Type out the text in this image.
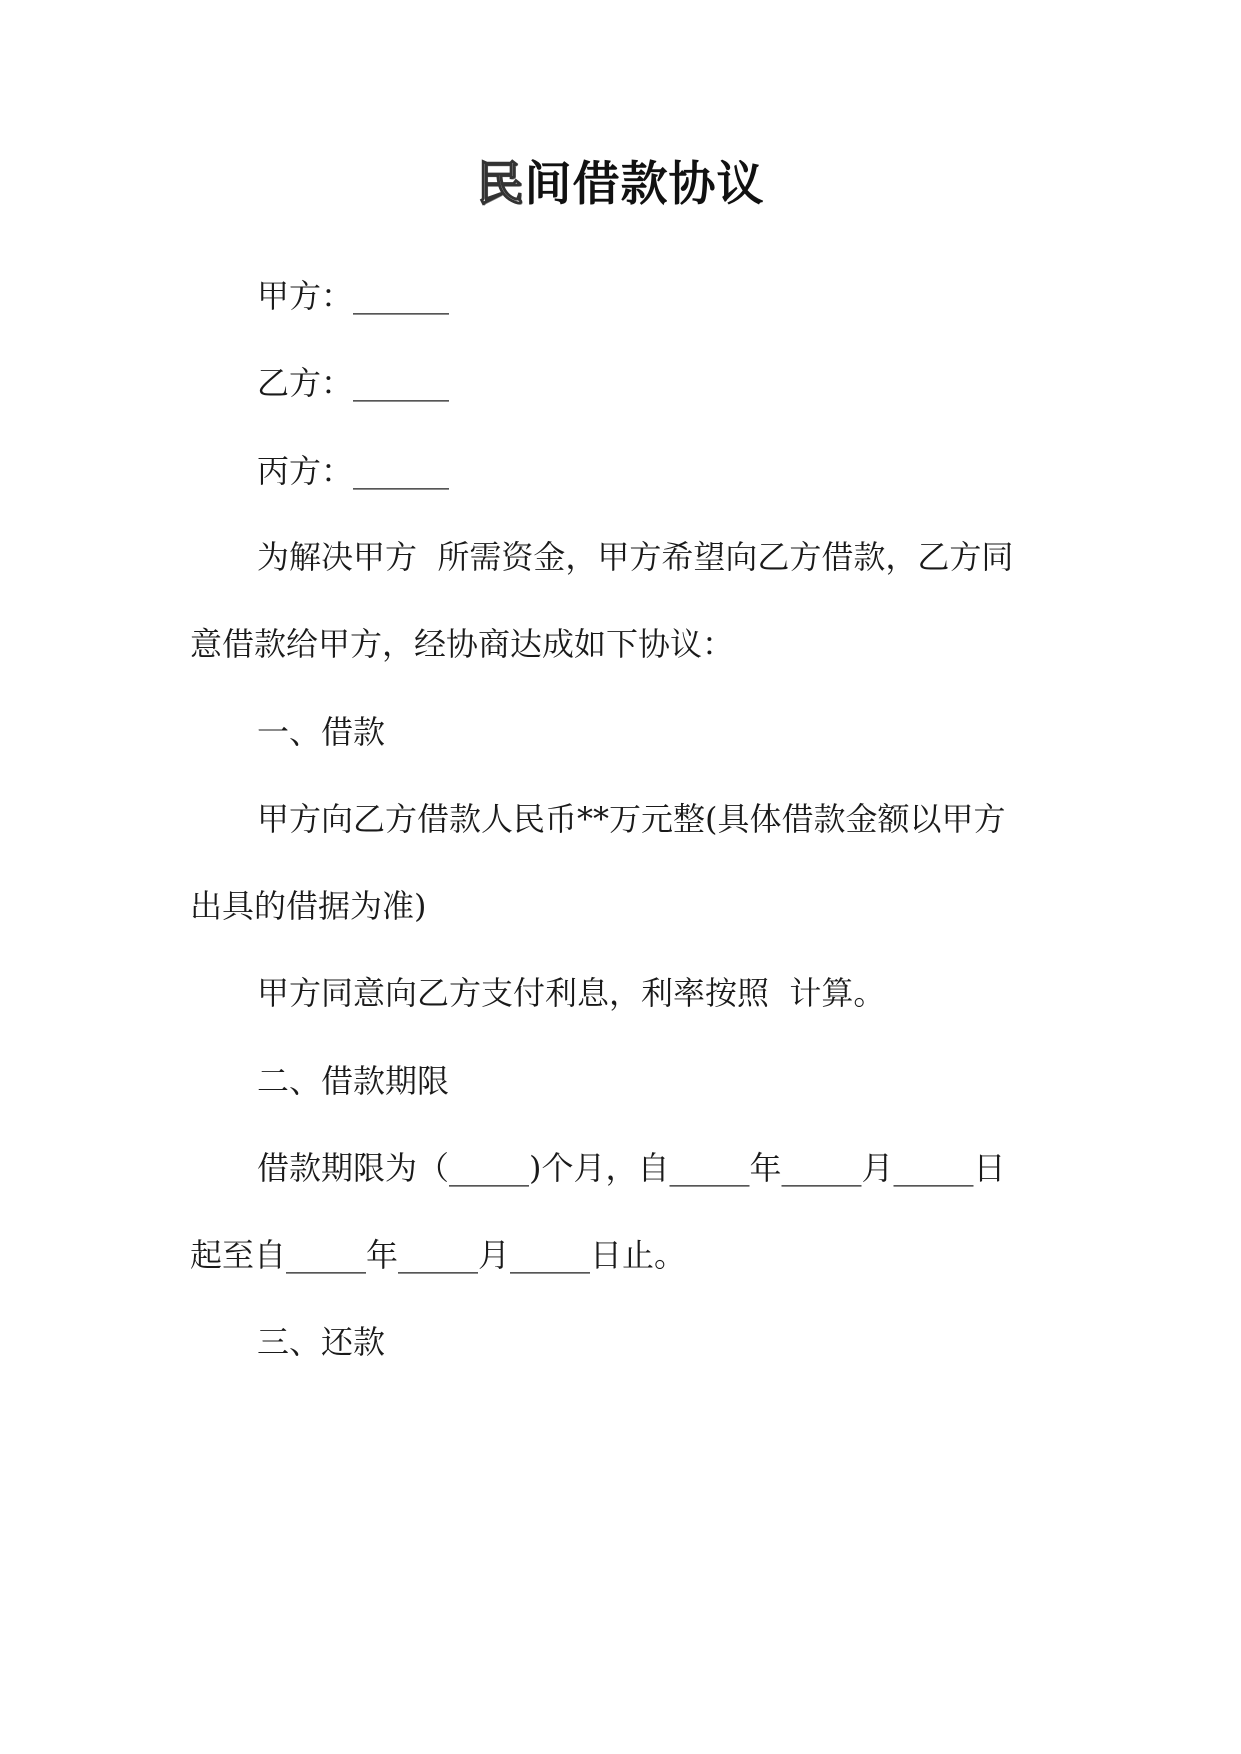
民间借款协议
甲方：______
乙方：______
丙方：______
为解决甲方  所需资金，甲方希望向乙方借款，乙方同
意借款给甲方，经协商达成如下协议：
一、借款
甲方向乙方借款人民币**万元整(具体借款金额以甲方
出具的借据为准)
甲方同意向乙方支付利息，利率按照  计算。
二、借款期限
借款期限为（_____)个月，自_____年_____月_____日
起至自_____年_____月_____日止。
三、还款
